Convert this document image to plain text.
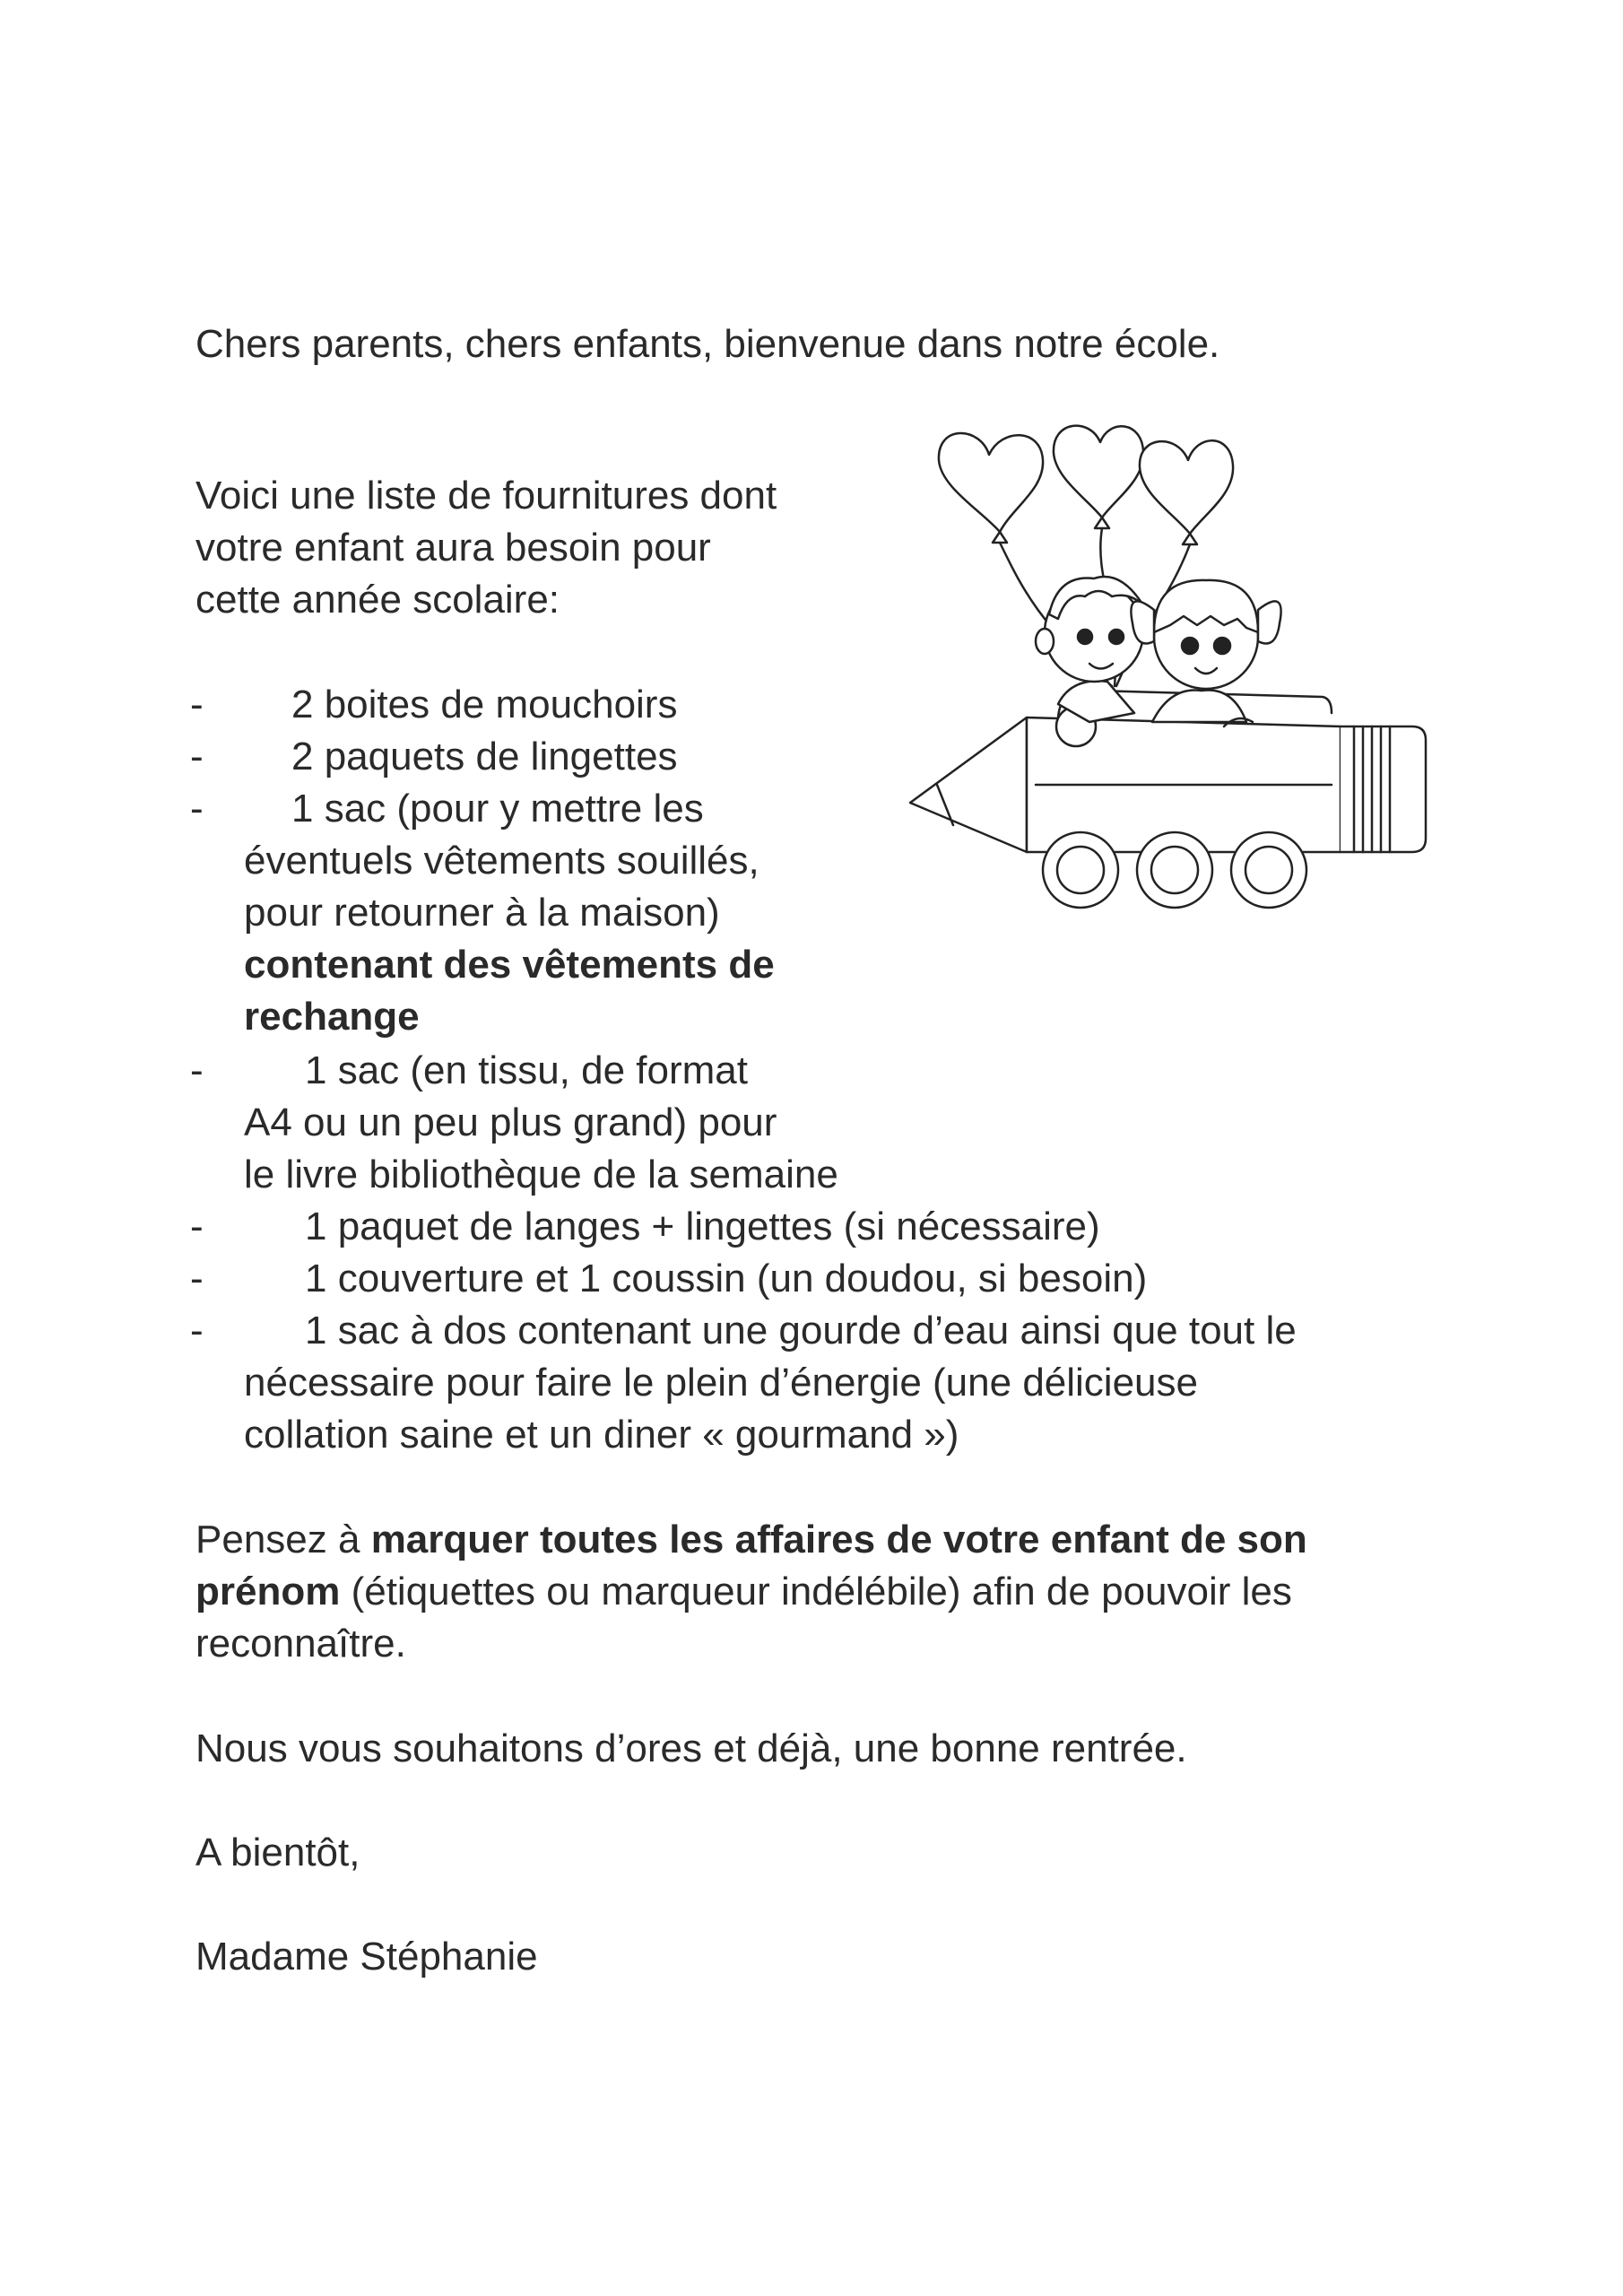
Chers parents, chers enfants, bienvenue dans notre école.

Voici une liste de fournitures dont

votre enfant aura besoin pour

cette année scolaire:

- 2 boites de mouchoirs

- 2 paquets de lingettes

- 1 sac (pour y mettre les

éventuels vêtements souillés,

pour retourner à la maison)

contenant des vêtements de

rechange

-	1 sac (en tissu, de format

A4 ou un peu plus grand) pour

le livre bibliothèque de la semaine

-	1 paquet de langes + lingettes (si nécessaire)

-	1 couverture et 1 coussin (un doudou, si besoin)

-	1 sac à dos contenant une gourde d’eau ainsi que tout le

nécessaire pour faire le plein d’énergie (une délicieuse

collation saine et un diner « gourmand »)

Pensez à marquer toutes les affaires de votre enfant de son

prénom (étiquettes ou marqueur indélébile) afin de pouvoir les

reconnaître.

Nous vous souhaitons d’ores et déjà, une bonne rentrée.

A bientôt,

Madame Stéphanie
